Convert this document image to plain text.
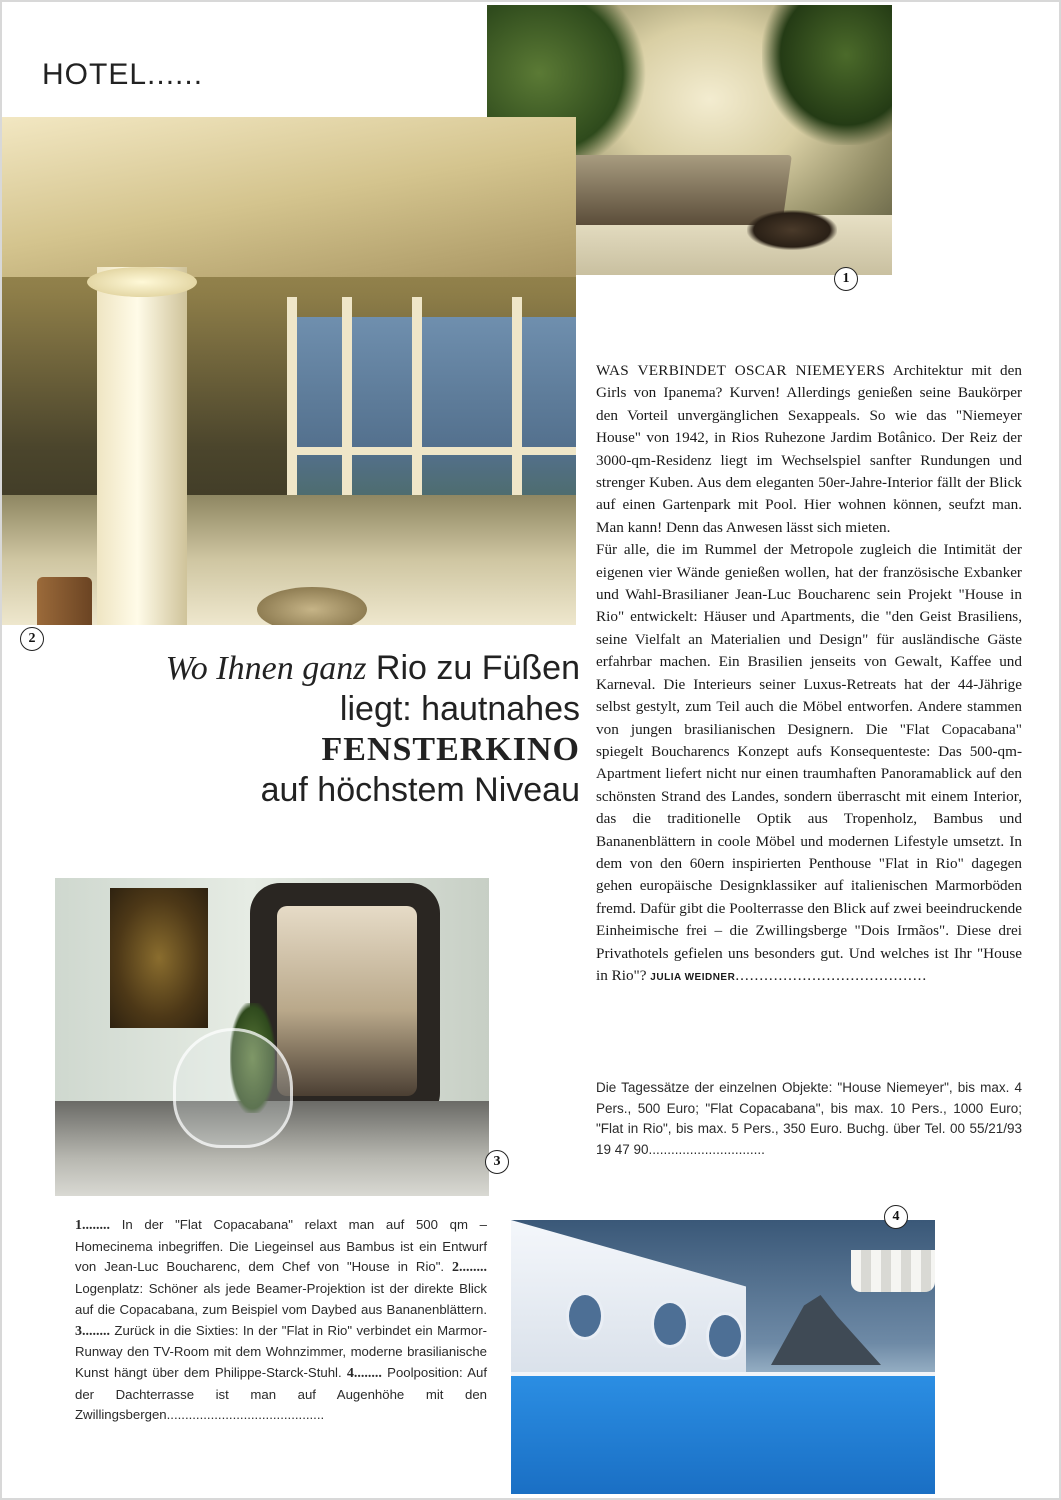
HOTEL......
1
2
Wo Ihnen ganz Rio zu Füßen
liegt: hautnahes FENSTERKINO
auf höchstem Niveau

WAS VERBINDET OSCAR NIEMEYERS Architektur mit den Girls von Ipanema? Kurven! Allerdings genießen seine Baukörper den Vorteil unvergänglichen Sexappeals. So wie das "Niemeyer House" von 1942, in Rios Ruhezone Jardim Botânico. Der Reiz der 3000-qm-Residenz liegt im Wechselspiel sanfter Rundungen und strenger Kuben. Aus dem eleganten 50er-Jahre-Interior fällt der Blick auf einen Gartenpark mit Pool. Hier wohnen können, seufzt man. Man kann! Denn das Anwesen lässt sich mieten.

Für alle, die im Rummel der Metropole zugleich die Intimität der eigenen vier Wände genießen wollen, hat der französische Exbanker und Wahl-Brasilianer Jean-Luc Boucharenc sein Projekt "House in Rio" entwickelt: Häuser und Apartments, die "den Geist Brasiliens, seine Vielfalt an Materialien und Design" für ausländische Gäste erfahrbar machen. Ein Brasilien jenseits von Gewalt, Kaffee und Karneval. Die Interieurs seiner Luxus-Retreats hat der 44-Jährige selbst gestylt, zum Teil auch die Möbel entworfen. Andere stammen von jungen brasilianischen Designern. Die "Flat Copacabana" spiegelt Boucharencs Konzept aufs Konsequenteste: Das 500-qm-Apartment liefert nicht nur einen traumhaften Panoramablick auf den schönsten Strand des Landes, sondern überrascht mit einem Interior, das die traditionelle Optik aus Tropenholz, Bambus und Bananenblättern in coole Möbel und modernen Lifestyle umsetzt. In dem von den 60ern inspirierten Penthouse "Flat in Rio" dagegen gehen europäische Designklassiker auf italienischen Marmorböden fremd. Dafür gibt die Poolterrasse den Blick auf zwei beeindruckende Einheimische frei – die Zwillingsberge "Dois Irmãos". Diese drei Privathotels gefielen uns besonders gut. Und welches ist Ihr "House in Rio"? JULIA WEIDNER........................................

Die Tagessätze der einzelnen Objekte: "House Niemeyer", bis max. 4 Pers., 500 Euro; "Flat Copacabana", bis max. 10 Pers., 1000 Euro; "Flat in Rio", bis max. 5 Pers., 350 Euro. Buchg. über Tel. 00 55/21/93 19 47 90...............................
3
1........ In der "Flat Copacabana" relaxt man auf 500 qm – Homecinema inbegriffen. Die Liegeinsel aus Bambus ist ein Entwurf von Jean-Luc Boucharenc, dem Chef von "House in Rio". 2........ Logenplatz: Schöner als jede Beamer-Projektion ist der direkte Blick auf die Copacabana, zum Beispiel vom Daybed aus Bananenblättern. 3........ Zurück in die Sixties: In der "Flat in Rio" verbindet ein Marmor-Runway den TV-Room mit dem Wohnzimmer, moderne brasilianische Kunst hängt über dem Philippe-Starck-Stuhl. 4........ Poolposition: Auf der Dachterrasse ist man auf Augenhöhe mit den Zwillingsbergen...........................................
4
